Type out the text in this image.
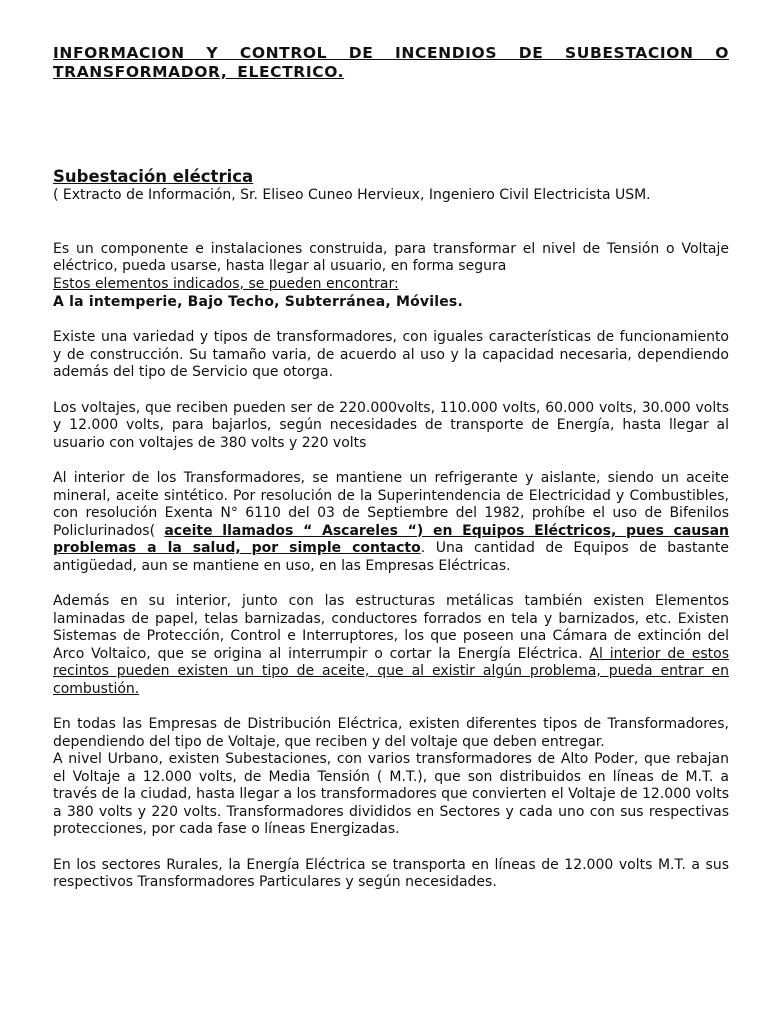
INFORMACION Y CONTROL DE INCENDIOS DE SUBESTACION O TRANSFORMADOR, ELECTRICO.
Subestación eléctrica

( Extracto de Información, Sr. Eliseo Cuneo Hervieux, Ingeniero Civil Electricista USM.

Es un componente e instalaciones construida, para transformar el nivel de Tensión o Voltaje eléctrico, pueda usarse, hasta llegar al usuario, en forma segura

Estos elementos indicados, se pueden encontrar:

A la intemperie, Bajo Techo, Subterránea, Móviles.

Existe una variedad y tipos de transformadores, con iguales características de funcionamiento y de construcción. Su tamaño varia, de acuerdo al uso y la capacidad necesaria, dependiendo además del tipo de Servicio que otorga.

Los voltajes, que reciben pueden ser de 220.000volts, 110.000 volts, 60.000 volts, 30.000 volts y 12.000 volts, para bajarlos, según necesidades de transporte de Energía, hasta llegar al usuario con voltajes de 380 volts y 220 volts

Al interior de los Transformadores, se mantiene un refrigerante y aislante, siendo un aceite mineral, aceite sintético. Por resolución de la Superintendencia de Electricidad y Combustibles, con resolución Exenta N° 6110 del 03 de Septiembre del 1982, prohíbe el uso de Bifenilos Policlurinados( aceite llamados “ Ascareles “) en Equipos Eléctricos, pues causan problemas a la salud, por simple contacto. Una cantidad de Equipos de bastante antigüedad, aun se mantiene en uso, en las Empresas Eléctricas.

Además en su interior, junto con las estructuras metálicas también existen Elementos laminadas de papel, telas barnizadas, conductores forrados en tela y barnizados, etc. Existen Sistemas de Protección, Control e Interruptores, los que poseen una Cámara de extinción del Arco Voltaico, que se origina al interrumpir o cortar la Energía Eléctrica. Al interior de estos recintos pueden existen un tipo de aceite, que al existir algún problema, pueda entrar en combustión.

En todas las Empresas de Distribución Eléctrica, existen diferentes tipos de Transformadores, dependiendo del tipo de Voltaje, que reciben y del voltaje que deben entregar.

A nivel Urbano, existen Subestaciones, con varios transformadores de Alto Poder, que rebajan el Voltaje a 12.000 volts, de Media Tensión ( M.T.), que son distribuidos en líneas de M.T. a través de la ciudad, hasta llegar a los transformadores que convierten el Voltaje de 12.000 volts a 380 volts y 220 volts. Transformadores divididos en Sectores y cada uno con sus respectivas protecciones, por cada fase o líneas Energizadas.

En los sectores Rurales, la Energía Eléctrica se transporta en líneas de 12.000 volts M.T. a sus respectivos Transformadores Particulares y según necesidades.
